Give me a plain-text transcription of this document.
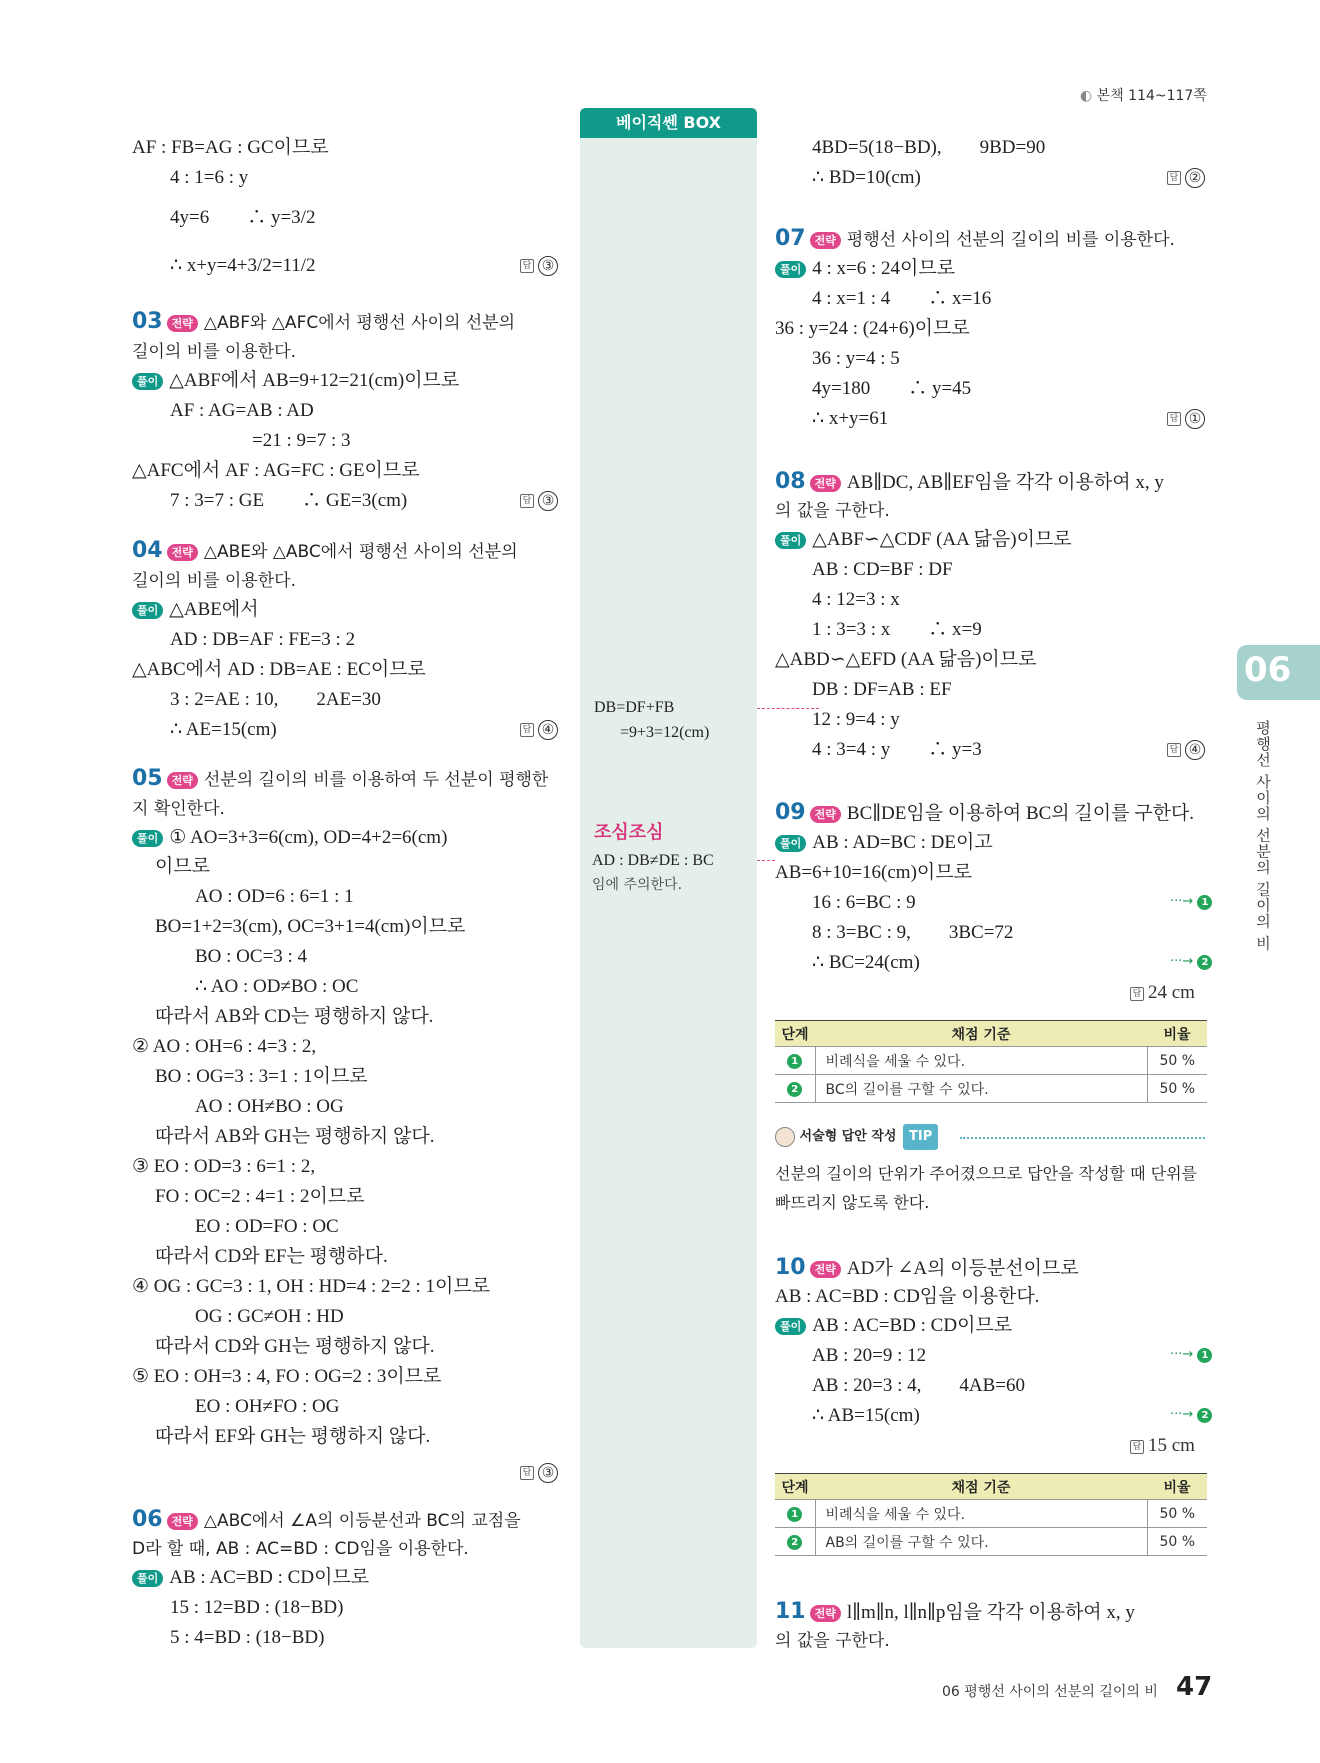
◐ 본책 114~117쪽
베이직쎈 BOX
06
평행선 사이의 선분의 길이의 비
AF : FB=AG : GC이므로
4 : 1=6 : y
4y=6　　∴ y=3/2
∴ x+y=4+3/2=11/2	답 ③
03 전략 △ABF와 △AFC에서 평행선 사이의 선분의
길이의 비를 이용한다.
풀이 △ABF에서 AB=9+12=21(cm)이므로
AF : AG=AB : AD
=21 : 9=7 : 3
△AFC에서 AF : AG=FC : GE이므로
7 : 3=7 : GE　　∴ GE=3(cm)	답 ③
04 전략 △ABE와 △ABC에서 평행선 사이의 선분의
길이의 비를 이용한다.
풀이 △ABE에서
AD : DB=AF : FE=3 : 2
△ABC에서 AD : DB=AE : EC이므로
3 : 2=AE : 10,　　2AE=30
∴ AE=15(cm)	답 ④
05 전략 선분의 길이의 비를 이용하여 두 선분이 평행한
지 확인한다.
풀이 ① AO=3+3=6(cm), OD=4+2=6(cm)
이므로
AO : OD=6 : 6=1 : 1
BO=1+2=3(cm), OC=3+1=4(cm)이므로
BO : OC=3 : 4
∴ AO : OD≠BO : OC
따라서 AB와 CD는 평행하지 않다.
② AO : OH=6 : 4=3 : 2,
BO : OG=3 : 3=1 : 1이므로
AO : OH≠BO : OG
따라서 AB와 GH는 평행하지 않다.
③ EO : OD=3 : 6=1 : 2,
FO : OC=2 : 4=1 : 2이므로
EO : OD=FO : OC
따라서 CD와 EF는 평행하다.
④ OG : GC=3 : 1, OH : HD=4 : 2=2 : 1이므로
OG : GC≠OH : HD
따라서 CD와 GH는 평행하지 않다.
⑤ EO : OH=3 : 4, FO : OG=2 : 3이므로
EO : OH≠FO : OG
따라서 EF와 GH는 평행하지 않다.
답 ③
06 전략 △ABC에서 ∠A의 이등분선과 BC의 교점을
D라 할 때, AB : AC=BD : CD임을 이용한다.
풀이 AB : AC=BD : CD이므로
15 : 12=BD : (18−BD)
5 : 4=BD : (18−BD)
DB=DF+FB
=9+3=12(cm)
조심조심
AD : DB≠DE : BC
임에 주의한다.
4BD=5(18−BD),　　9BD=90
∴ BD=10(cm)	답 ②
07 전략 평행선 사이의 선분의 길이의 비를 이용한다.
풀이 4 : x=6 : 24이므로
4 : x=1 : 4　　∴ x=16
36 : y=24 : (24+6)이므로
36 : y=4 : 5
4y=180　　∴ y=45
∴ x+y=61	답 ①
08 전략 AB∥DC, AB∥EF임을 각각 이용하여 x, y
의 값을 구한다.
풀이 △ABF∽△CDF (AA 닮음)이므로
AB : CD=BF : DF
4 : 12=3 : x
1 : 3=3 : x　　∴ x=9
△ABD∽△EFD (AA 닮음)이므로
DB : DF=AB : EF
12 : 9=4 : y
4 : 3=4 : y　　∴ y=3	답 ④
09 전략 BC∥DE임을 이용하여 BC의 길이를 구한다.
풀이 AB : AD=BC : DE이고
AB=6+10=16(cm)이므로
16 : 6=BC : 9	···→ 1
8 : 3=BC : 9,　　3BC=72
∴ BC=24(cm)	···→ 2
답 24 cm
단계	채점 기준	비율
1	비례식을 세울 수 있다.	50 %
2	BC의 길이를 구할 수 있다.	50 %
서술형 답안 작성 TIP
선분의 길이의 단위가 주어졌으므로 답안을 작성할 때 단위를
빠뜨리지 않도록 한다.
10 전략 AD가 ∠A의 이등분선이므로
AB : AC=BD : CD임을 이용한다.
풀이 AB : AC=BD : CD이므로
AB : 20=9 : 12	···→ 1
AB : 20=3 : 4,　　4AB=60
∴ AB=15(cm)	···→ 2
답 15 cm
단계	채점 기준	비율
1	비례식을 세울 수 있다.	50 %
2	AB의 길이를 구할 수 있다.	50 %
11 전략 l∥m∥n, l∥n∥p임을 각각 이용하여 x, y
의 값을 구한다.
06 평행선 사이의 선분의 길이의 비 47
